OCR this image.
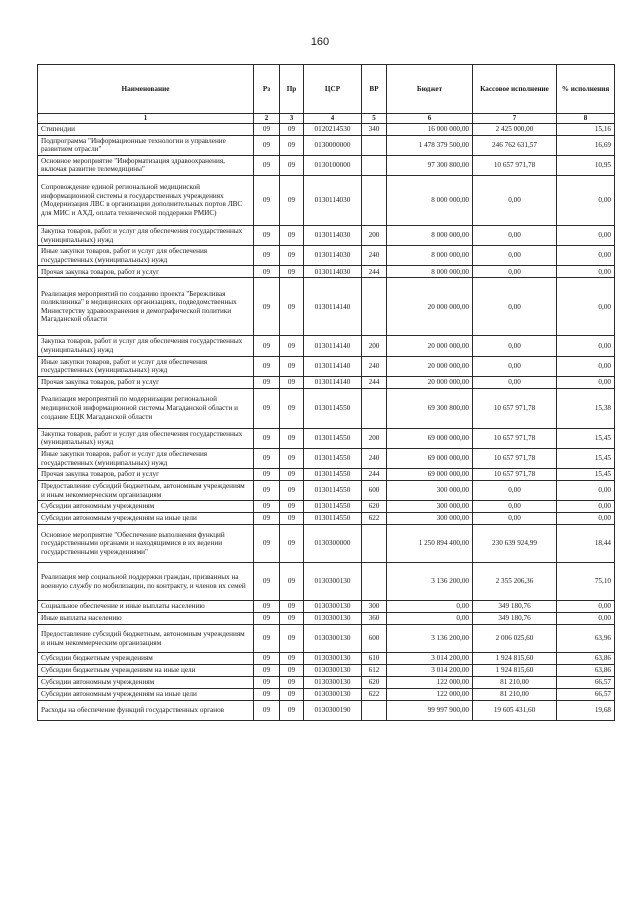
160
Наименование	Рз	Пр	ЦСР	ВР	Бюджет	Кассовое исполнение	% исполнения
1	2	3	4	5	6	7	8
Стипендии	09	09	0120214530	340	16 000 000,00	2 425 000,00	15,16
Подпрограмма "Информационные технологии и управление развитием отрасли"	09	09	0130000000		1 478 379 500,00	246 762 631,57	16,69
Основное мероприятие "Информатизация здравоохранения, включая развитие телемедицины"	09	09	0130100000		97 300 800,00	10 657 971,78	10,95
Сопровождение единой региональной медицинской информационной системы в государственных учреждениях (Модернизация ЛВС в организации дополнительных портов ЛВС для МИС и АХД, оплата технической поддержки РМИС)	09	09	0130114030		8 000 000,00	0,00	0,00
Закупка товаров, работ и услуг для обеспечения государственных (муниципальных) нужд	09	09	0130114030	200	8 000 000,00	0,00	0,00
Иные закупки товаров, работ и услуг для обеспечения государственных (муниципальных) нужд	09	09	0130114030	240	8 000 000,00	0,00	0,00
Прочая закупка товаров, работ и услуг	09	09	0130114030	244	8 000 000,00	0,00	0,00
Реализация мероприятий по созданию проекта "Бережливая поликлиника" в медицинских организациях, подведомственных Министерству здравоохранения и демографической политики Магаданской области	09	09	0130114140		20 000 000,00	0,00	0,00
Закупка товаров, работ и услуг для обеспечения государственных (муниципальных) нужд	09	09	0130114140	200	20 000 000,00	0,00	0,00
Иные закупки товаров, работ и услуг для обеспечения государственных (муниципальных) нужд	09	09	0130114140	240	20 000 000,00	0,00	0,00
Прочая закупка товаров, работ и услуг	09	09	0130114140	244	20 000 000,00	0,00	0,00
Реализация мероприятий по модернизации региональной медицинской информационной системы Магаданской области и создание ЕЦК Магаданской области	09	09	0130114550		69 300 800,00	10 657 971,78	15,38
Закупка товаров, работ и услуг для обеспечения государственных (муниципальных) нужд	09	09	0130114550	200	69 000 000,00	10 657 971,78	15,45
Иные закупки товаров, работ и услуг для обеспечения государственных (муниципальных) нужд	09	09	0130114550	240	69 000 000,00	10 657 971,78	15,45
Прочая закупка товаров, работ и услуг	09	09	0130114550	244	69 000 000,00	10 657 971,78	15,45
Предоставление субсидий бюджетным, автономным учреждениям и иным некоммерческим организациям	09	09	0130114550	600	300 000,00	0,00	0,00
Субсидии автономным учреждениям	09	09	0130114550	620	300 000,00	0,00	0,00
Субсидии автономным учреждениям на иные цели	09	09	0130114550	622	300 000,00	0,00	0,00
Основное мероприятие "Обеспечение выполнения функций государственными органами и находящимися в их ведении государственными учреждениями"	09	09	0130300000		1 250 894 400,00	230 639 924,99	18,44
Реализация мер социальной поддержки граждан, призванных на военную службу по мобилизации, по контракту, и членов их семей	09	09	0130300130		3 136 200,00	2 355 206,36	75,10
Социальное обеспечение и иные выплаты населению	09	09	0130300130	300	0,00	349 180,76	0,00
Иные выплаты населению	09	09	0130300130	360	0,00	349 180,76	0,00
Предоставление субсидий бюджетным, автономным учреждениям и иным некоммерческим организациям	09	09	0130300130	600	3 136 200,00	2 006 025,60	63,96
Субсидии бюджетным учреждениям	09	09	0130300130	610	3 014 200,00	1 924 815,60	63,86
Субсидии бюджетным учреждениям на иные цели	09	09	0130300130	612	3 014 200,00	1 924 815,60	63,86
Субсидии автономным учреждениям	09	09	0130300130	620	122 000,00	81 210,00	66,57
Субсидии автономным учреждениям на иные цели	09	09	0130300130	622	122 000,00	81 210,00	66,57
Расходы на обеспечение функций государственных органов	09	09	0130300190		99 997 900,00	19 605 431,60	19,68
